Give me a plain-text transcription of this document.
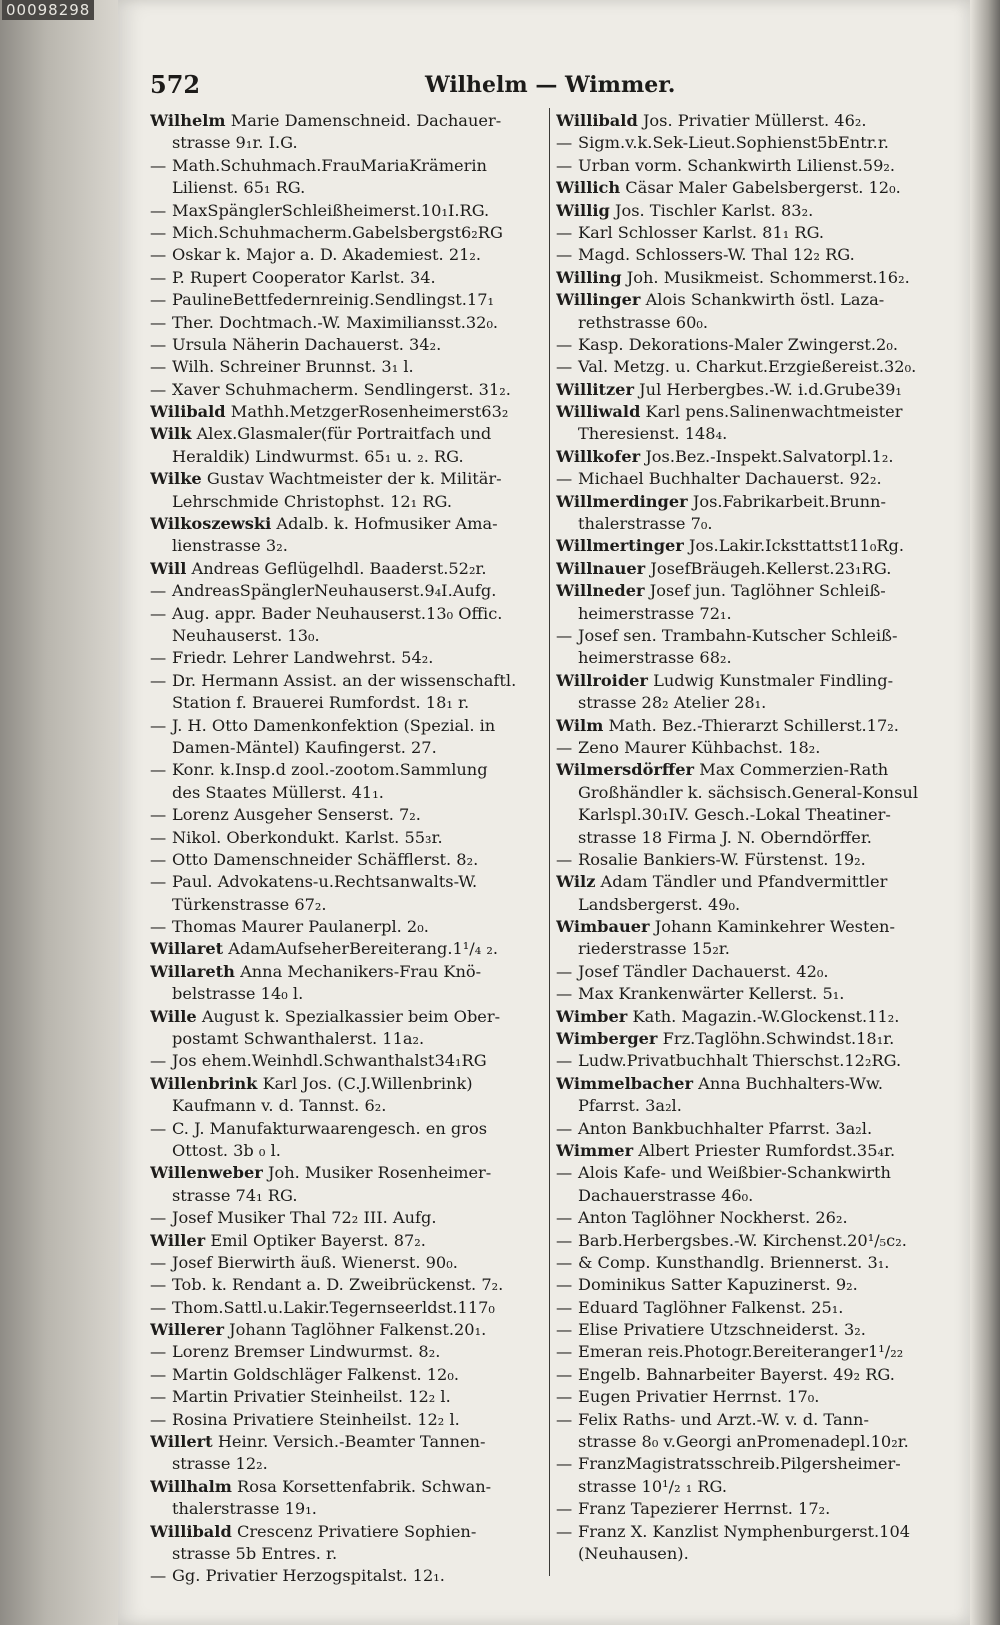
00098298
572	Wilhelm — Wimmer.
Wilhelm Marie Damenschneid. Dachauer-
strasse 9₁r. I.G.
— Math.Schuhmach.FrauMariaKrämerin
Lilienst. 65₁ RG.
— MaxSpänglerSchleißheimerst.10₁I.RG.
— Mich.Schuhmacherm.Gabelsbergst6₂RG
— Oskar k. Major a. D. Akademiest. 21₂.
— P. Rupert Cooperator Karlst. 34.
— PaulineBettfedernreinig.Sendlingst.17₁
— Ther. Dochtmach.-W. Maximiliansst.32₀.
— Ursula Näherin Dachauerst. 34₂.
— Wilh. Schreiner Brunnst. 3₁ l.
— Xaver Schuhmacherm. Sendlingerst. 31₂.
Wilibald Mathh.MetzgerRosenheimerst63₂
Wilk Alex.Glasmaler(für Portraitfach und
Heraldik) Lindwurmst. 65₁ u. ₂. RG.
Wilke Gustav Wachtmeister der k. Militär-
Lehrschmide Christophst. 12₁ RG.
Wilkoszewski Adalb. k. Hofmusiker Ama-
lienstrasse 3₂.
Will Andreas Geflügelhdl. Baaderst.52₂r.
— AndreasSpänglerNeuhauserst.9₄I.Aufg.
— Aug. appr. Bader Neuhauserst.13₀ Offic.
Neuhauserst. 13₀.
— Friedr. Lehrer Landwehrst. 54₂.
— Dr. Hermann Assist. an der wissenschaftl.
Station f. Brauerei Rumfordst. 18₁ r.
— J. H. Otto Damenkonfektion (Spezial. in
Damen-Mäntel) Kaufingerst. 27.
— Konr. k.Insp.d zool.-zootom.Sammlung
des Staates Müllerst. 41₁.
— Lorenz Ausgeher Senserst. 7₂.
— Nikol. Oberkondukt. Karlst. 55₃r.
— Otto Damenschneider Schäfflerst. 8₂.
— Paul. Advokatens-u.Rechtsanwalts-W.
Türkenstrasse 67₂.
— Thomas Maurer Paulanerpl. 2₀.
Willaret AdamAufseherBereiterang.1¹/₄ ₂.
Willareth Anna Mechanikers-Frau Knö-
belstrasse 14₀ l.
Wille August k. Spezialkassier beim Ober-
postamt Schwanthalerst. 11a₂.
— Jos ehem.Weinhdl.Schwanthalst34₁RG
Willenbrink Karl Jos. (C.J.Willenbrink)
Kaufmann v. d. Tannst. 6₂.
— C. J. Manufakturwaarengesch. en gros
Ottost. 3b ₀ l.
Willenweber Joh. Musiker Rosenheimer-
strasse 74₁ RG.
— Josef Musiker Thal 72₂ III. Aufg.
Willer Emil Optiker Bayerst. 87₂.
— Josef Bierwirth äuß. Wienerst. 90₀.
— Tob. k. Rendant a. D. Zweibrückenst. 7₂.
— Thom.Sattl.u.Lakir.Tegernseerldst.117₀
Willerer Johann Taglöhner Falkenst.20₁.
— Lorenz Bremser Lindwurmst. 8₂.
— Martin Goldschläger Falkenst. 12₀.
— Martin Privatier Steinheilst. 12₂ l.
— Rosina Privatiere Steinheilst. 12₂ l.
Willert Heinr. Versich.-Beamter Tannen-
strasse 12₂.
Willhalm Rosa Korsettenfabrik. Schwan-
thalerstrasse 19₁.
Willibald Crescenz Privatiere Sophien-
strasse 5b Entres. r.
— Gg. Privatier Herzogspitalst. 12₁.
Willibald Jos. Privatier Müllerst. 46₂.
— Sigm.v.k.Sek-Lieut.Sophienst5bEntr.r.
— Urban vorm. Schankwirth Lilienst.59₂.
Willich Cäsar Maler Gabelsbergerst. 12₀.
Willig Jos. Tischler Karlst. 83₂.
— Karl Schlosser Karlst. 81₁ RG.
— Magd. Schlossers-W. Thal 12₂ RG.
Willing Joh. Musikmeist. Schommerst.16₂.
Willinger Alois Schankwirth östl. Laza-
rethstrasse 60₀.
— Kasp. Dekorations-Maler Zwingerst.2₀.
— Val. Metzg. u. Charkut.Erzgießereist.32₀.
Willitzer Jul Herbergbes.-W. i.d.Grube39₁
Williwald Karl pens.Salinenwachtmeister
Theresienst. 148₄.
Willkofer Jos.Bez.-Inspekt.Salvatorpl.1₂.
— Michael Buchhalter Dachauerst. 92₂.
Willmerdinger Jos.Fabrikarbeit.Brunn-
thalerstrasse 7₀.
Willmertinger Jos.Lakir.Icksttattst11₀Rg.
Willnauer JosefBräugeh.Kellerst.23₁RG.
Willneder Josef jun. Taglöhner Schleiß-
heimerstrasse 72₁.
— Josef sen. Trambahn-Kutscher Schleiß-
heimerstrasse 68₂.
Willroider Ludwig Kunstmaler Findling-
strasse 28₂ Atelier 28₁.
Wilm Math. Bez.-Thierarzt Schillerst.17₂.
— Zeno Maurer Kühbachst. 18₂.
Wilmersdörffer Max Commerzien-Rath
Großhändler k. sächsisch.General-Konsul
Karlspl.30₁IV. Gesch.-Lokal Theatiner-
strasse 18 Firma J. N. Oberndörffer.
— Rosalie Bankiers-W. Fürstenst. 19₂.
Wilz Adam Tändler und Pfandvermittler
Landsbergerst. 49₀.
Wimbauer Johann Kaminkehrer Westen-
riederstrasse 15₂r.
— Josef Tändler Dachauerst. 42₀.
— Max Krankenwärter Kellerst. 5₁.
Wimber Kath. Magazin.-W.Glockenst.11₂.
Wimberger Frz.Taglöhn.Schwindst.18₁r.
— Ludw.Privatbuchhalt Thierschst.12₂RG.
Wimmelbacher Anna Buchhalters-Ww.
Pfarrst. 3a₂l.
— Anton Bankbuchhalter Pfarrst. 3a₂l.
Wimmer Albert Priester Rumfordst.35₄r.
— Alois Kafe- und Weißbier-Schankwirth
Dachauerstrasse 46₀.
— Anton Taglöhner Nockherst. 26₂.
— Barb.Herbergsbes.-W. Kirchenst.20¹/₅c₂.
— & Comp. Kunsthandlg. Briennerst. 3₁.
— Dominikus Satter Kapuzinerst. 9₂.
— Eduard Taglöhner Falkenst. 25₁.
— Elise Privatiere Utzschneiderst. 3₂.
— Emeran reis.Photogr.Bereiteranger1¹/₂₂
— Engelb. Bahnarbeiter Bayerst. 49₂ RG.
— Eugen Privatier Herrnst. 17₀.
— Felix Raths- und Arzt.-W. v. d. Tann-
strasse 8₀ v.Georgi anPromenadepl.10₂r.
— FranzMagistratsschreib.Pilgersheimer-
strasse 10¹/₂ ₁ RG.
— Franz Tapezierer Herrnst. 17₂.
— Franz X. Kanzlist Nymphenburgerst.104
(Neuhausen).
